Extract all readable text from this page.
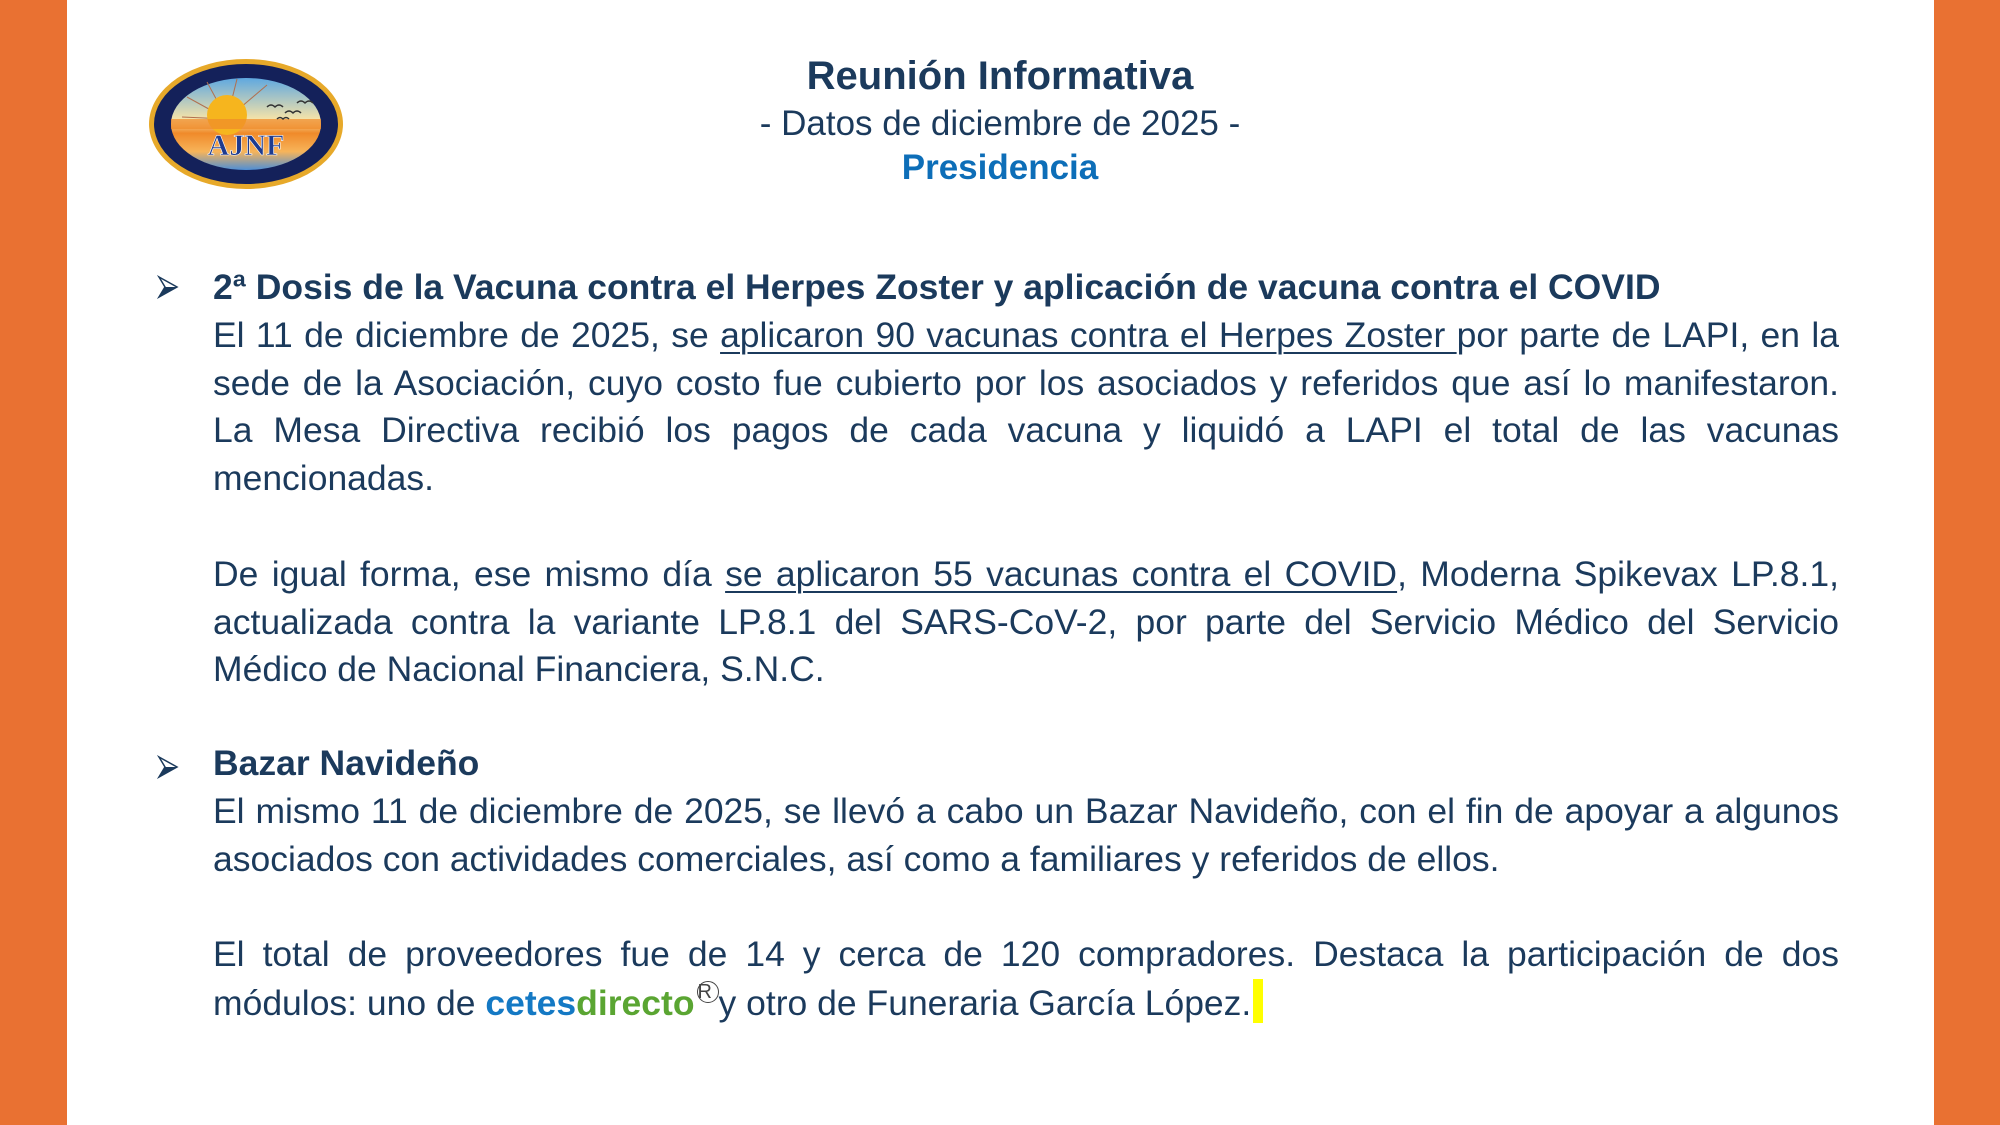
AJNF
Reunión Informativa
- Datos de diciembre de 2025 -
Presidencia

2ª Dosis de la Vacuna contra el Herpes Zoster y aplicación de vacuna contra el COVID

El 11 de diciembre de 2025, se aplicaron 90 vacunas contra el Herpes Zoster por parte de LAPI, en la sede de la Asociación, cuyo costo fue cubierto por los asociados y referidos que así lo manifestaron. La Mesa Directiva recibió los pagos de cada vacuna y liquidó a LAPI el total de las vacunas mencionadas.

De igual forma, ese mismo día se aplicaron 55 vacunas contra el COVID, Moderna Spikevax LP.8.1, actualizada contra la variante LP.8.1 del SARS-CoV-2, por parte del Servicio Médico del Servicio Médico de Nacional Financiera, S.N.C.

Bazar Navideño

El mismo 11 de diciembre de 2025, se llevó a cabo un Bazar Navideño, con el fin de apoyar a algunos asociados con actividades comerciales, así como a familiares y referidos de ellos.

El total de proveedores fue de 14 y cerca de 120 compradores. Destaca la participación de dos módulos: uno de cetesdirecto R y otro de Funeraria García López.
